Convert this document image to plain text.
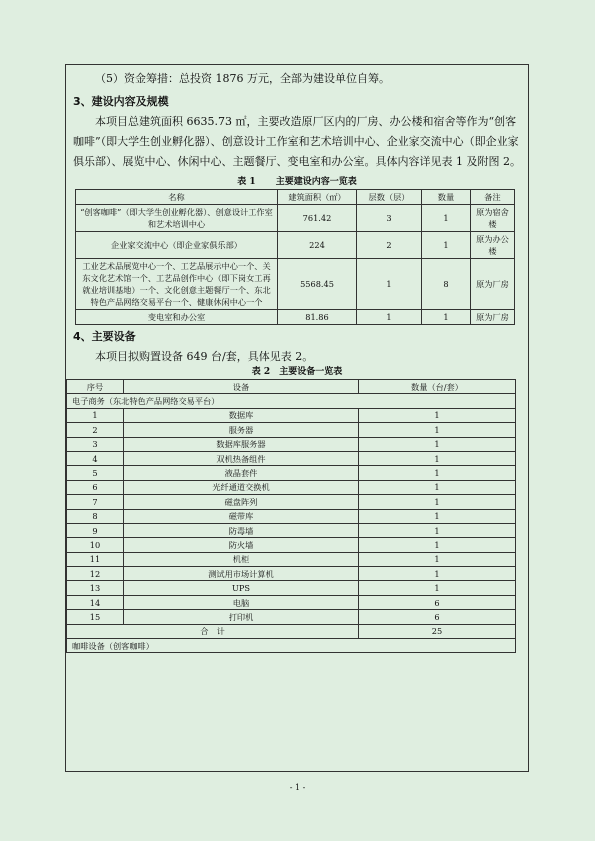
（5）资金筹措：总投资 1876 万元，全部为建设单位自筹。

3、建设内容及规模

本项目总建筑面积 6635.73 ㎡，主要改造原厂区内的厂房、办公楼和宿舍等作为“创客咖啡”（即大学生创业孵化器）、创意设计工作室和艺术培训中心、企业家交流中心（即企业家俱乐部）、展览中心、休闲中心、主题餐厅、变电室和办公室。具体内容详见表 1 及附图 2。

表 1 主要建设内容一览表
名称	建筑面积（㎡）	层数（层）	数量	备注
“创客咖啡”（即大学生创业孵化器）、创意设计工作室和艺术培训中心	761.42	3	1	原为宿舍楼
企业家交流中心（即企业家俱乐部）	224	2	1	原为办公楼
工业艺术品展览中心一个、工艺品展示中心一个、关东文化艺术馆一个、工艺品创作中心（即下岗女工再就业培训基地）一个、文化创意主题餐厅一个、东北特色产品网络交易平台一个、健康休闲中心一个	5568.45	1	8	原为厂房
变电室和办公室	81.86	1	1	原为厂房

4、主要设备

本项目拟购置设备 649 台/套，具体见表 2。

表 2　主要设备一览表
序号	设备	数量（台/套）
电子商务（东北特色产品网络交易平台）		
1	数据库	1
2	服务器	1
3	数据库服务器	1
4	双机热备组件	1
5	液晶套件	1
6	光纤通道交换机	1
7	磁盘阵列	1
8	磁带库	1
9	防毒墙	1
10	防火墙	1
11	机柜	1
12	测试用市场计算机	1
13	UPS	1
14	电脑	6
15	打印机	6
合　计		25
咖啡设备（创客咖啡）		
- 1 -
